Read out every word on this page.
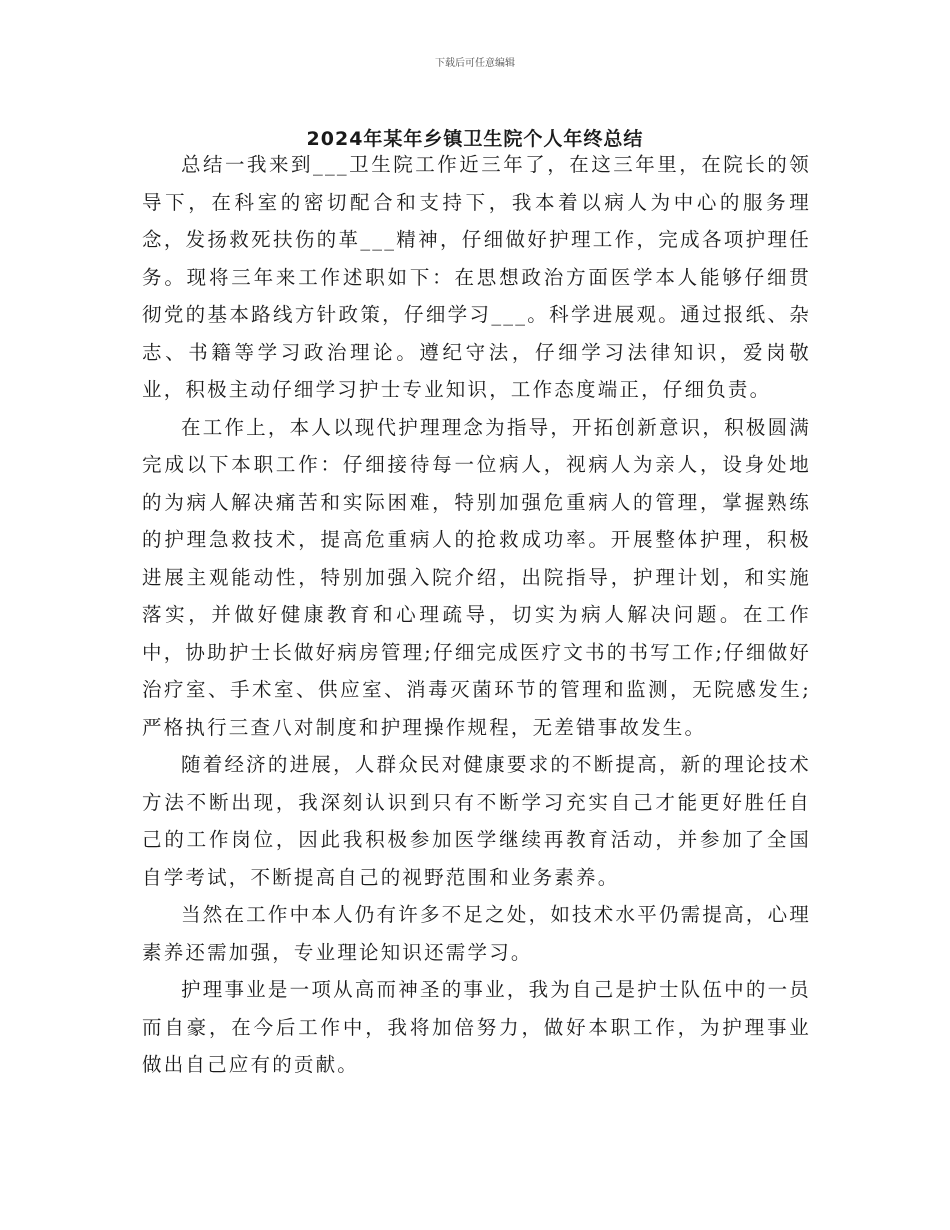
下载后可任意编辑
2024年某年乡镇卫生院个人年终总结

总结一我来到___卫生院工作近三年了，在这三年里，在院长的领导下，在科室的密切配合和支持下，我本着以病人为中心的服务理念，发扬救死扶伤的革___精神，仔细做好护理工作，完成各项护理任务。现将三年来工作述职如下：在思想政治方面医学本人能够仔细贯彻党的基本路线方针政策，仔细学习___。科学进展观。通过报纸、杂志、书籍等学习政治理论。遵纪守法，仔细学习法律知识，爱岗敬业，积极主动仔细学习护士专业知识，工作态度端正，仔细负责。

在工作上，本人以现代护理理念为指导，开拓创新意识，积极圆满完成以下本职工作：仔细接待每一位病人，视病人为亲人，设身处地的为病人解决痛苦和实际困难，特别加强危重病人的管理，掌握熟练的护理急救技术，提高危重病人的抢救成功率。开展整体护理，积极进展主观能动性，特别加强入院介绍，出院指导，护理计划，和实施落实，并做好健康教育和心理疏导，切实为病人解决问题。在工作中，协助护士长做好病房管理;仔细完成医疗文书的书写工作;仔细做好治疗室、手术室、供应室、消毒灭菌环节的管理和监测，无院感发生;严格执行三查八对制度和护理操作规程，无差错事故发生。

随着经济的进展，人群众民对健康要求的不断提高，新的理论技术方法不断出现，我深刻认识到只有不断学习充实自己才能更好胜任自己的工作岗位，因此我积极参加医学继续再教育活动，并参加了全国自学考试，不断提高自己的视野范围和业务素养。

当然在工作中本人仍有许多不足之处，如技术水平仍需提高，心理素养还需加强，专业理论知识还需学习。

护理事业是一项从高而神圣的事业，我为自己是护士队伍中的一员而自豪，在今后工作中，我将加倍努力，做好本职工作，为护理事业做出自己应有的贡献。
